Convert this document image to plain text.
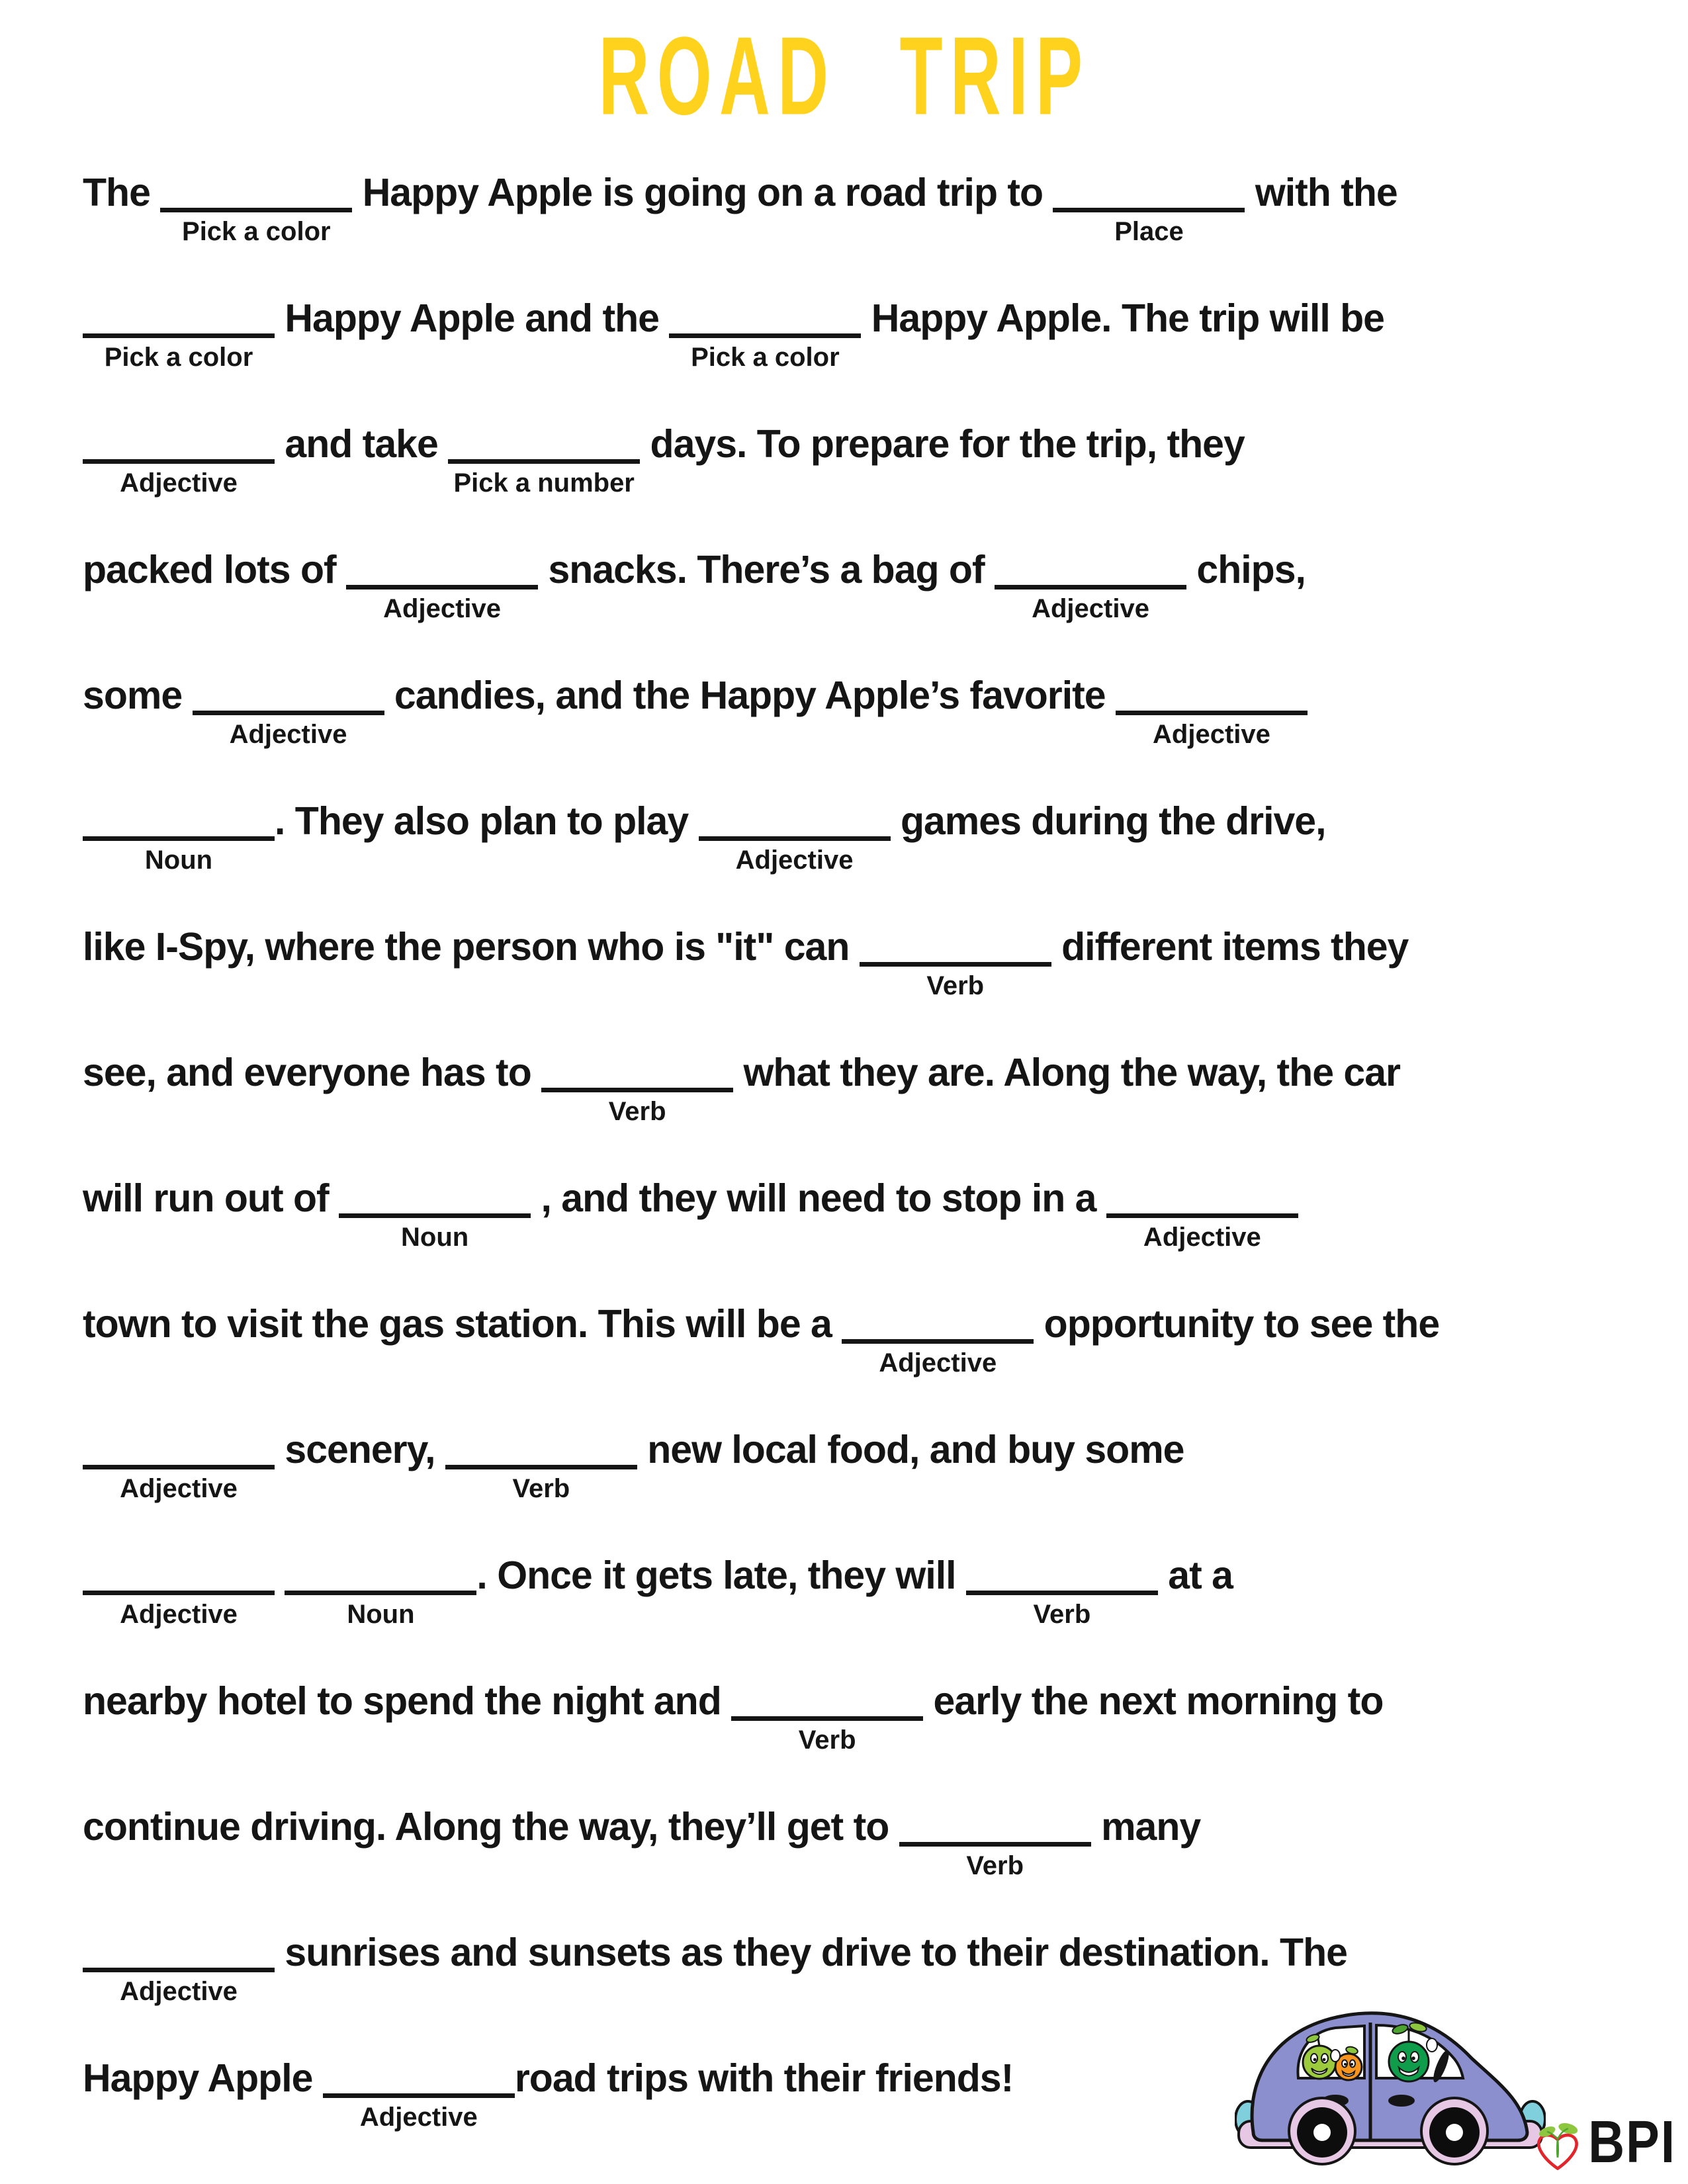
ROAD TRIP
The
Pick a color
Happy Apple is going on a road trip to
Place
with the
Pick a color
Happy Apple and the
Pick a color
Happy Apple. The trip will be
Adjective
and take
Pick a number
days. To prepare for the trip, they
packed lots of
Adjective
snacks. There’s a bag of
Adjective
chips,
some
Adjective
candies, and the Happy Apple’s favorite
Adjective
Noun
. They also plan to play
Adjective
games during the drive,
like I-Spy, where the person who is "it" can
Verb
different items they
see, and everyone has to
Verb
what they are. Along the way, the car
will run out of
Noun
, and they will need to stop in a
Adjective
town to visit the gas station. This will be a
Adjective
opportunity to see the
Adjective
scenery,
Verb
new local food, and buy some
Adjective
	Noun
. Once it gets late, they will
Verb
at a
nearby hotel to spend the night and
Verb
early the next morning to
continue driving. Along the way, they’ll get to
Verb
many
Adjective
sunrises and sunsets as they drive to their destination. The
Happy Apple
Adjective
road trips with their friends!
BPI
